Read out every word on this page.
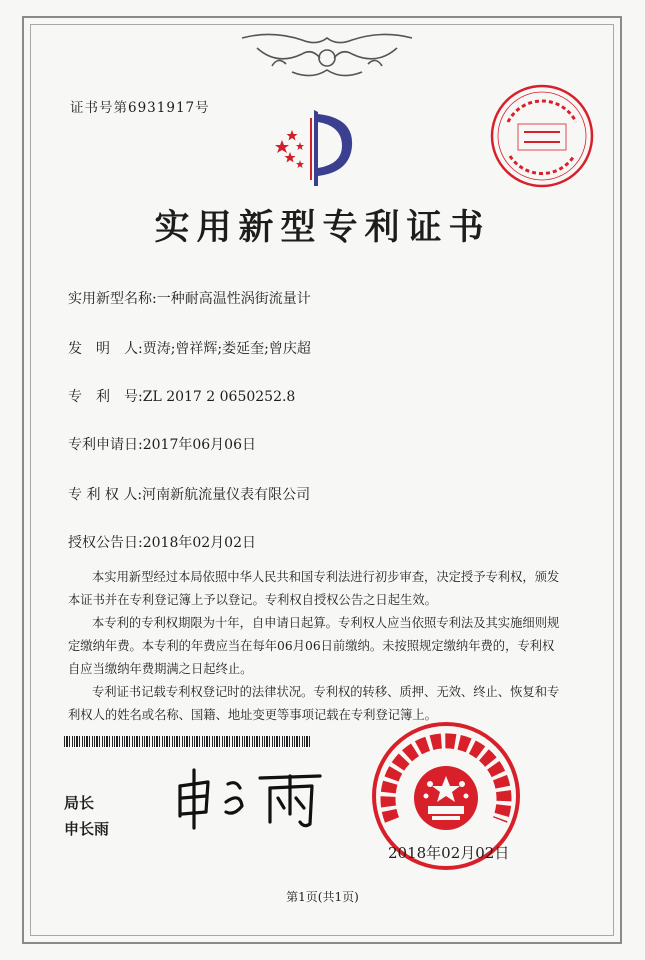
证书号第6931917号
实用新型专利证书
实用新型名称:一种耐高温性涡街流量计
发　明　人:贾涛;曾祥辉;娄延奎;曾庆超
专　利　号:ZL 2017 2 0650252.8
专利申请日:2017年06月06日
专 利 权 人:河南新航流量仪表有限公司
授权公告日:2018年02月02日

本实用新型经过本局依照中华人民共和国专利法进行初步审查，决定授予专利权，颁发本证书并在专利登记簿上予以登记。专利权自授权公告之日起生效。

本专利的专利权期限为十年，自申请日起算。专利权人应当依照专利法及其实施细则规定缴纳年费。本专利的年费应当在每年06月06日前缴纳。未按照规定缴纳年费的，专利权自应当缴纳年费期满之日起终止。

专利证书记载专利权登记时的法律状况。专利权的转移、质押、无效、终止、恢复和专利权人的姓名或名称、国籍、地址变更等事项记载在专利登记簿上。

局长
申长雨
2018年02月02日
第1页(共1页)
